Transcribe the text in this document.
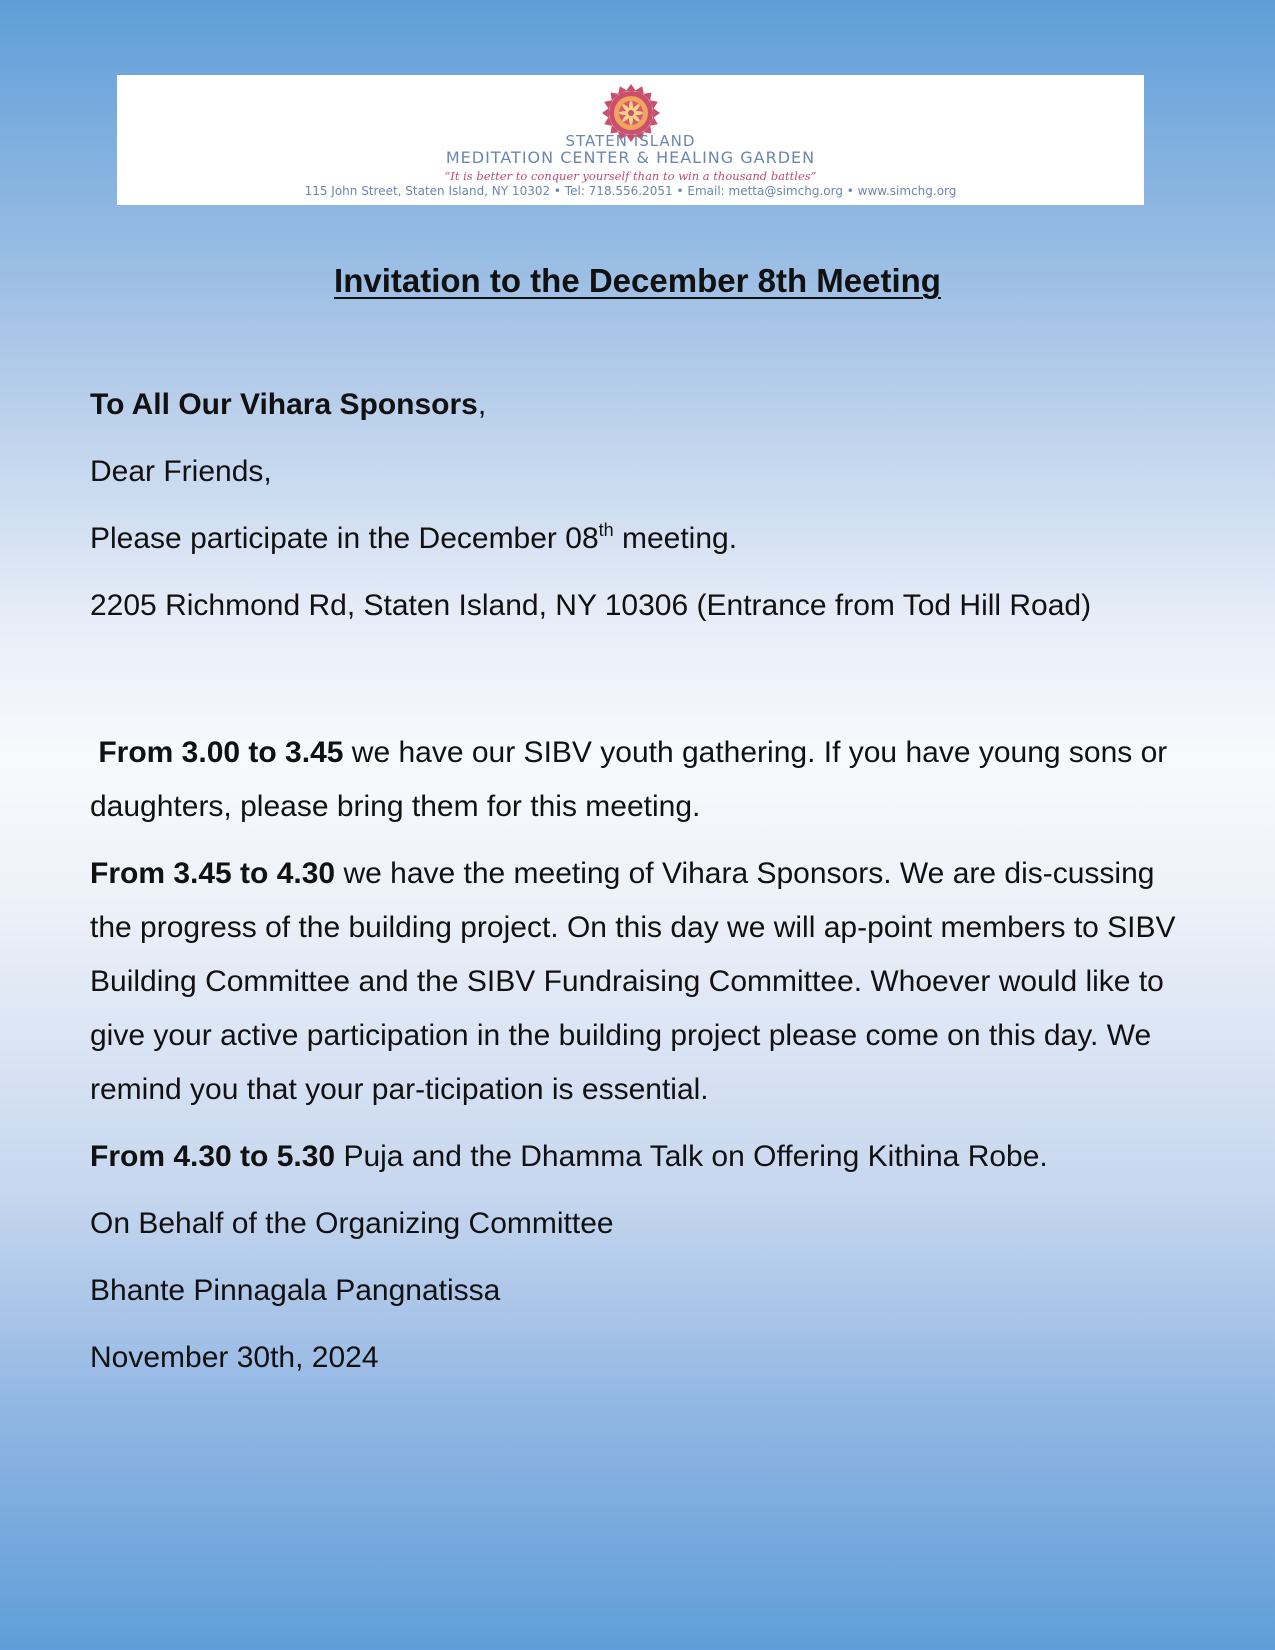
STATEN ISLAND
MEDITATION CENTER & HEALING GARDEN
“It is better to conquer yourself than to win a thousand battles”
115 John Street, Staten Island, NY 10302 • Tel: 718.556.2051 • Email: metta@simchg.org • www.simchg.org
Invitation to the December 8th Meeting

To All Our Vihara Sponsors,

Dear Friends,

Please participate in the December 08th meeting.

2205 Richmond Rd, Staten Island, NY 10306 (Entrance from Tod Hill Road)

From 3.00 to 3.45 we have our SIBV youth gathering. If you have young sons or daughters, please bring them for this meeting.

From 3.45 to 4.30 we have the meeting of Vihara Sponsors. We are dis-cussing the progress of the building project. On this day we will ap-point members to SIBV Building Committee and the SIBV Fundraising Committee. Whoever would like to give your active participation in the building project please come on this day. We remind you that your par-ticipation is essential.

From 4.30 to 5.30 Puja and the Dhamma Talk on Offering Kithina Robe.

On Behalf of the Organizing Committee

Bhante Pinnagala Pangnatissa

November 30th, 2024
